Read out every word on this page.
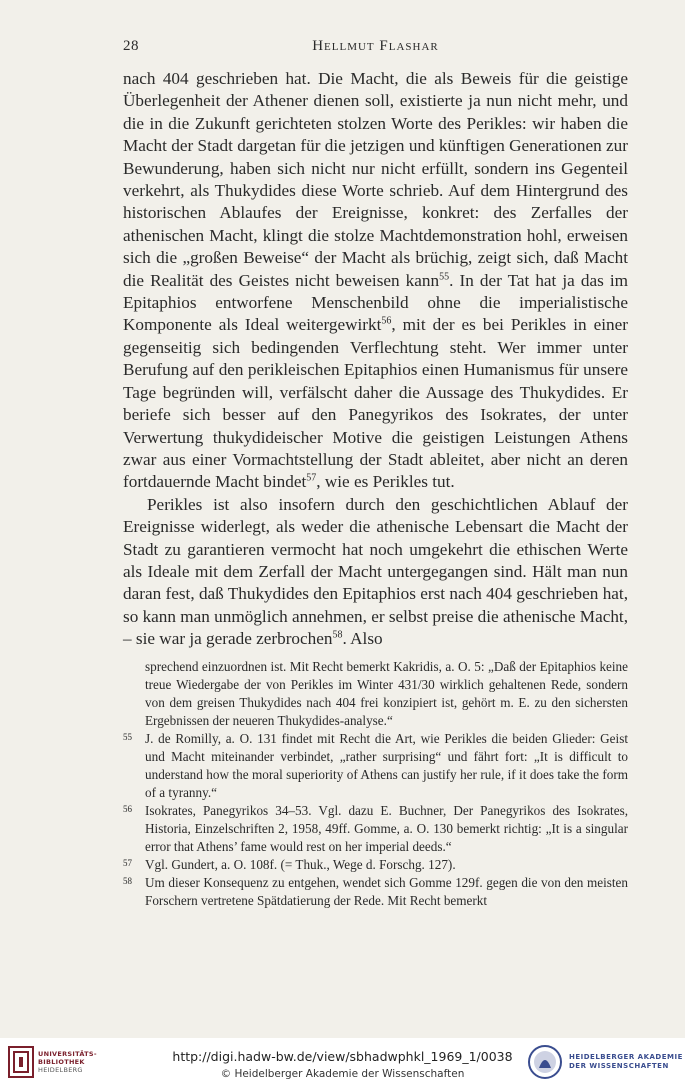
28	Hellmut Flashar

nach 404 geschrieben hat. Die Macht, die als Beweis für die geistige Überlegenheit der Athener dienen soll, existierte ja nun nicht mehr, und die in die Zukunft gerichteten stolzen Worte des Perikles: wir haben die Macht der Stadt dargetan für die jetzigen und künftigen Generationen zur Bewunderung, haben sich nicht nur nicht erfüllt, sondern ins Gegenteil verkehrt, als Thukydides diese Worte schrieb. Auf dem Hintergrund des historischen Ablaufes der Ereignisse, konkret: des Zerfalles der athenischen Macht, klingt die stolze Machtdemonstration hohl, erweisen sich die „großen Beweise“ der Macht als brüchig, zeigt sich, daß Macht die Realität des Geistes nicht beweisen kann$^{55}$. In der Tat hat ja das im Epitaphios entworfene Menschenbild ohne die imperialistische Komponente als Ideal weitergewirkt$^{56}$, mit der es bei Perikles in einer gegenseitig sich bedingenden Verflechtung steht. Wer immer unter Berufung auf den perikleischen Epitaphios einen Humanismus für unsere Tage begründen will, verfälscht daher die Aussage des Thukydides. Er beriefe sich besser auf den Panegyrikos des Isokrates, der unter Verwertung thukydideischer Motive die geistigen Leistungen Athens zwar aus einer Vormachtstellung der Stadt ableitet, aber nicht an deren fortdauernde Macht bindet$^{57}$, wie es Perikles tut.

Perikles ist also insofern durch den geschichtlichen Ablauf der Ereignisse widerlegt, als weder die athenische Lebensart die Macht der Stadt zu garantieren vermocht hat noch umgekehrt die ethischen Werte als Ideale mit dem Zerfall der Macht untergegangen sind. Hält man nun daran fest, daß Thukydides den Epitaphios erst nach 404 geschrieben hat, so kann man unmöglich annehmen, er selbst preise die athenische Macht, – sie war ja gerade zerbrochen$^{58}$. Also

sprechend einzuordnen ist. Mit Recht bemerkt Kakridis, a. O. 5: „Daß der Epitaphios keine treue Wiedergabe der von Perikles im Winter 431/30 wirklich gehaltenen Rede, sondern von dem greisen Thukydides nach 404 frei konzipiert ist, gehört m. E. zu den sichersten Ergebnissen der neueren Thukydides-analyse.“

55 J. de Romilly, a. O. 131 findet mit Recht die Art, wie Perikles die beiden Glieder: Geist und Macht miteinander verbindet, „rather surprising“ und fährt fort: „It is difficult to understand how the moral superiority of Athens can justify her rule, if it does take the form of a tyranny.“

56 Isokrates, Panegyrikos 34–53. Vgl. dazu E. Buchner, Der Panegyrikos des Isokrates, Historia, Einzelschriften 2, 1958, 49ff. Gomme, a. O. 130 bemerkt richtig: „It is a singular error that Athens’ fame would rest on her imperial deeds.“

57 Vgl. Gundert, a. O. 108f. (= Thuk., Wege d. Forschg. 127).

58 Um dieser Konsequenz zu entgehen, wendet sich Gomme 129f. gegen die von den meisten Forschern vertretene Spätdatierung der Rede. Mit Recht bemerkt

UNIVERSITÄTS-
BIBLIOTHEK
HEIDELBERG
http://digi.hadw-bw.de/view/sbhadwphkl_1969_1/0038
© Heidelberger Akademie der Wissenschaften
HEIDELBERGER AKADEMIE
DER WISSENSCHAFTEN
